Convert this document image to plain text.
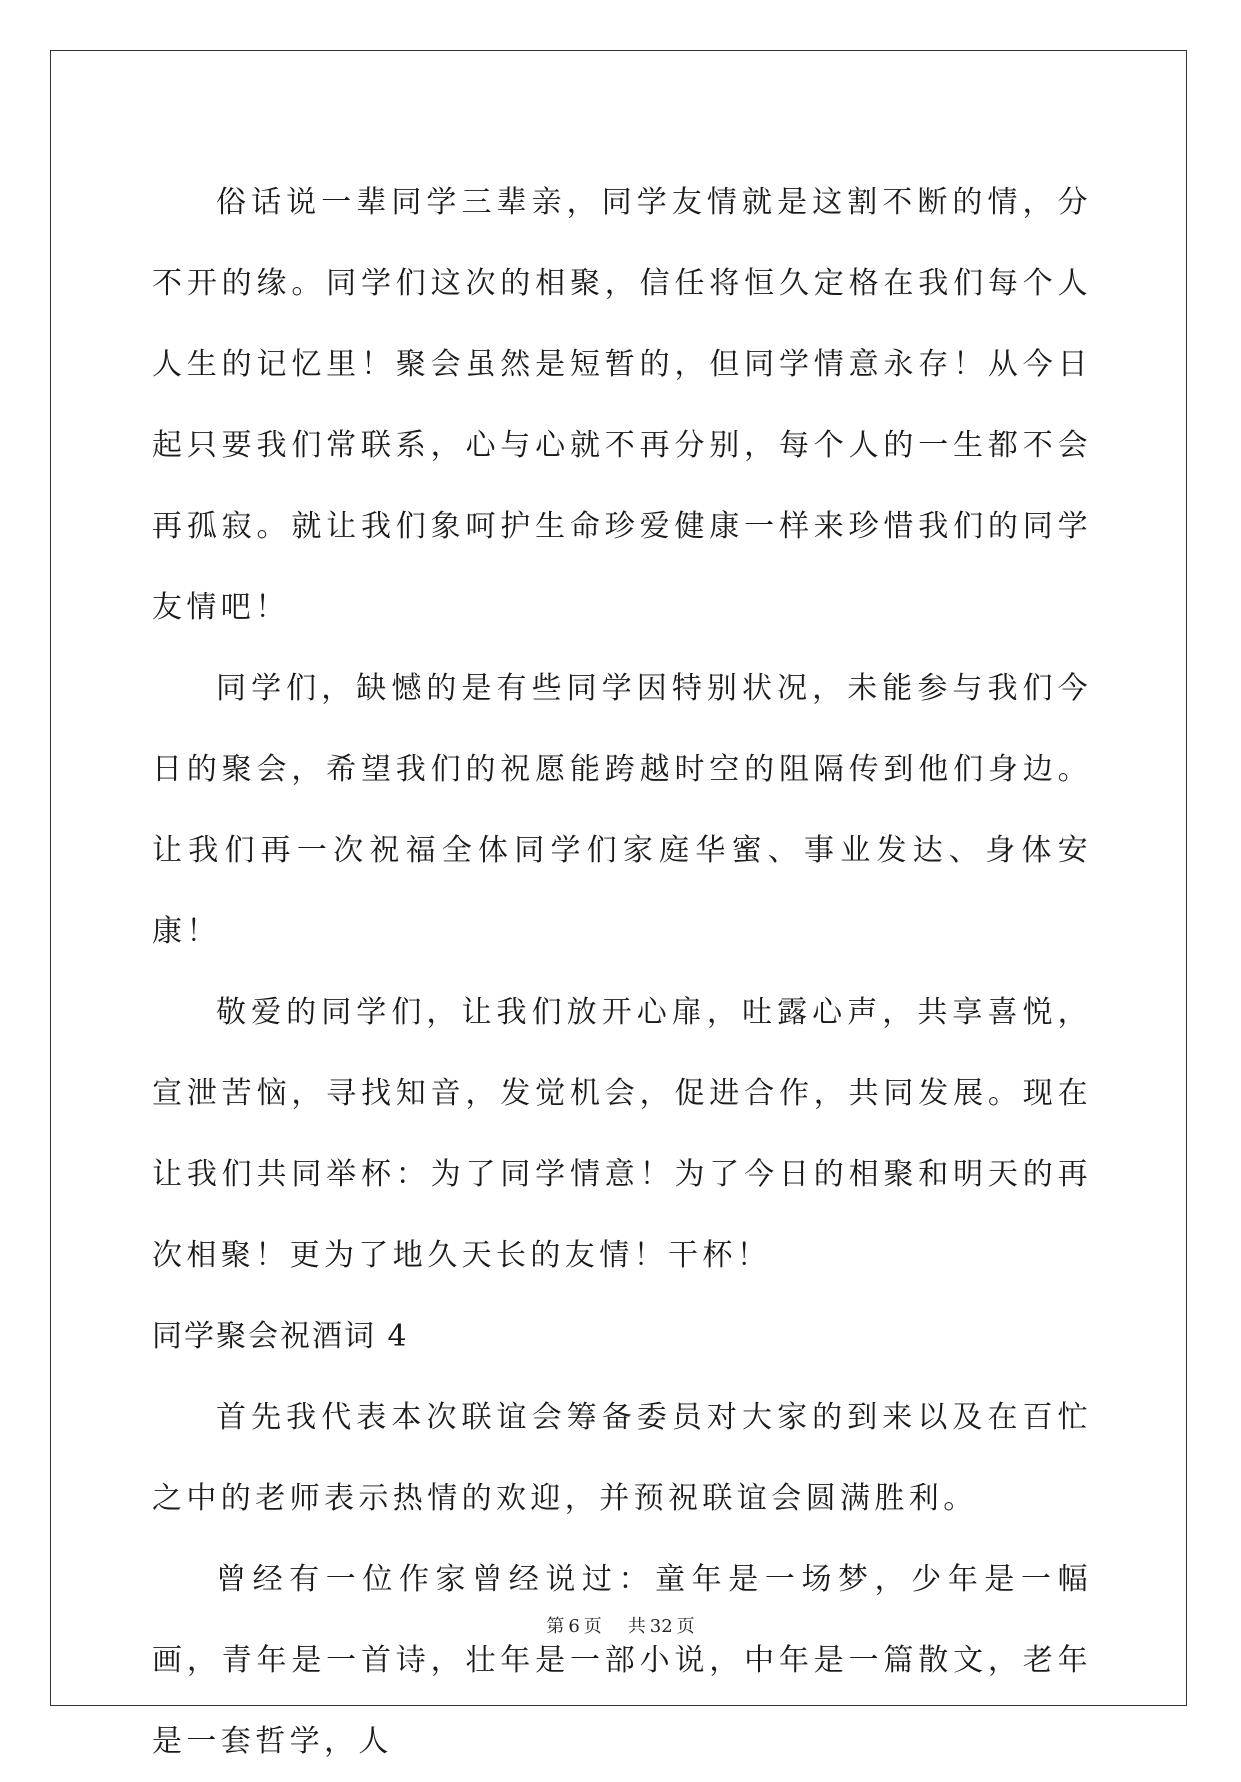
俗话说一辈同学三辈亲，同学友情就是这割不断的情，分不开的缘。同学们这次的相聚，信任将恒久定格在我们每个人人生的记忆里！聚会虽然是短暂的，但同学情意永存！从今日起只要我们常联系，心与心就不再分别，每个人的一生都不会再孤寂。就让我们象呵护生命珍爱健康一样来珍惜我们的同学友情吧！

同学们，缺憾的是有些同学因特别状况，未能参与我们今日的聚会，希望我们的祝愿能跨越时空的阻隔传到他们身边。让我们再一次祝福全体同学们家庭华蜜、事业发达、身体安康！

敬爱的同学们，让我们放开心扉，吐露心声，共享喜悦，宣泄苦恼，寻找知音，发觉机会，促进合作，共同发展。现在让我们共同举杯：为了同学情意！为了今日的相聚和明天的再次相聚！更为了地久天长的友情！干杯！

同学聚会祝酒词 4

首先我代表本次联谊会筹备委员对大家的到来以及在百忙之中的老师表示热情的欢迎，并预祝联谊会圆满胜利。

曾经有一位作家曾经说过：童年是一场梦，少年是一幅画，青年是一首诗，壮年是一部小说，中年是一篇散文，老年是一套哲学，人

第 6 页 共 32 页
